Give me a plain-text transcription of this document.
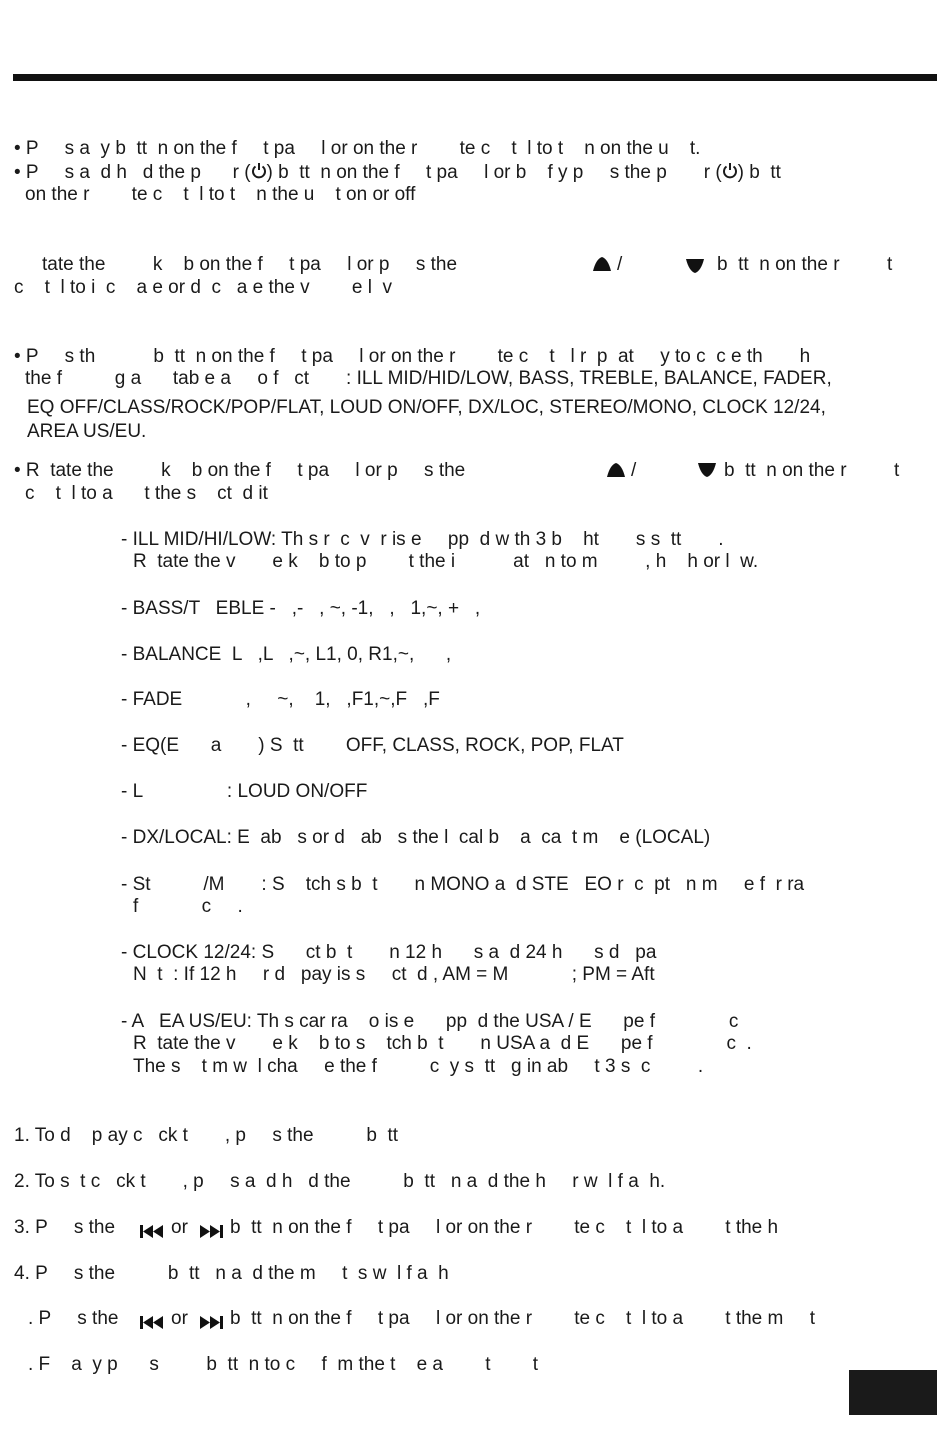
• P     s a  y b  tt  n on the f     t pa     l or on the r        te c    t  l to t    n on the u    t.
• P     s a  d h   d the p      r ( ) b  tt  n on the f     t pa     l or b    f y p     s the p       r ( ) b  tt
on the r        te c    t  l to t    n the u    t on or off
tate the         k    b on the f     t pa     l or p     s the	/	b  tt  n on the r         t
c    t  l to i  c    a e or d  c   a e the v        e l  v
• P     s th           b  tt  n on the f     t pa     l or on the r        te c    t   l r  p  at     y to c  c e th       h
the f          g a      tab e a     o f   ct       : ILL MID/HID/LOW, BASS, TREBLE, BALANCE, FADER,
EQ OFF/CLASS/ROCK/POP/FLAT, LOUD ON/OFF, DX/LOC, STEREO/MONO, CLOCK 12/24,
AREA US/EU.
• R  tate the         k    b on the f     t pa     l or p     s the	/	b  tt  n on the r         t
c    t  l to a      t the s    ct  d it
- ILL MID/HI/LOW: Th s r  c  v  r is e     pp  d w th 3 b    ht       s s  tt       .
R  tate the v       e k    b to p        t the i           at   n to m         , h    h or l  w.
- BASS/T   EBLE -   ,-   , ~, -1,   ,   1,~, +   ,
- BALANCE  L   ,L   ,~, L1, 0, R1,~,      ,
- FADE            ,     ~,    1,   ,F1,~,F   ,F
- EQ(E      a       ) S  tt        OFF, CLASS, ROCK, POP, FLAT
- L                : LOUD ON/OFF
- DX/LOCAL: E  ab   s or d   ab   s the l  cal b    a  ca  t m    e (LOCAL)
- St          /M       : S    tch s b  t       n MONO a  d STE   EO r  c  pt   n m     e f  r ra
f            c     .
- CLOCK 12/24: S      ct b  t       n 12 h      s a  d 24 h      s d   pa
N  t  : If 12 h     r d   pay is s     ct  d , AM = M            ; PM = Aft
- A   EA US/EU: Th s car ra    o is e      pp  d the USA / E      pe f              c
R  tate the v       e k    b to s    tch b  t       n USA a  d E      pe f              c  .
The s    t m w  l cha     e the f          c  y s  tt   g in ab     t 3 s  c         .
1. To d    p ay c   ck t       , p     s the          b  tt
2. To s  t c   ck t       , p     s a  d h   d the          b  tt   n a  d the h     r w  l f a  h.
3. P     s the	or b  tt  n on the f     t pa     l or on the r        te c    t  l to a        t the h
4. P     s the          b  tt   n a  d the m     t  s w  l f a  h
. P     s the	or b  tt  n on the f     t pa     l or on the r        te c    t  l to a        t the m     t
. F    a  y p      s         b  tt  n to c     f  m the t    e a        t        t
